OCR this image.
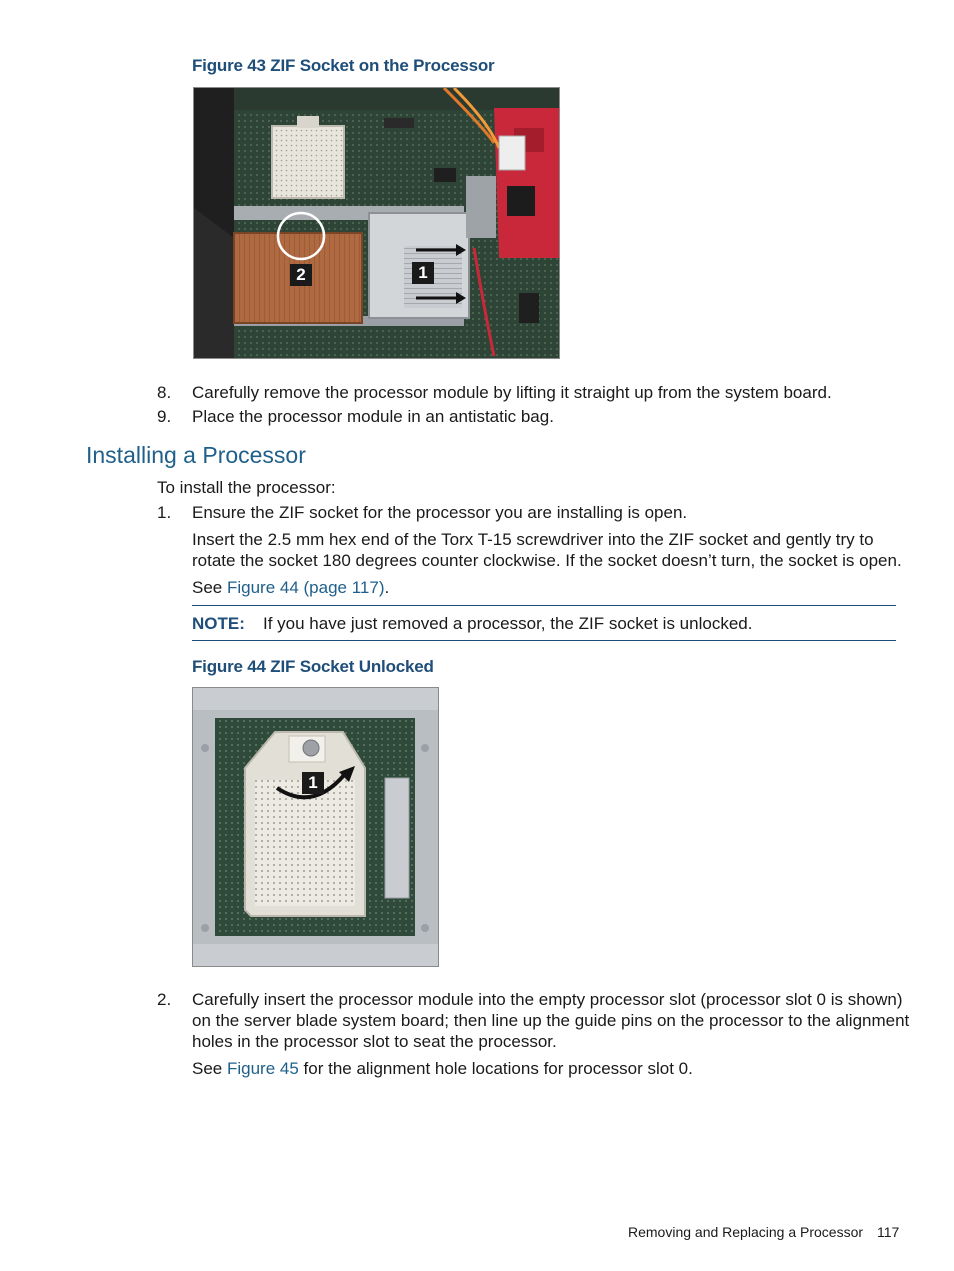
Figure 43 ZIF Socket on the Processor
2	1
8. Carefully remove the processor module by lifting it straight up from the system board.
9. Place the processor module in an antistatic bag.
Installing a Processor
To install the processor:
1. Ensure the ZIF socket for the processor you are installing is open.
Insert the 2.5 mm hex end of the Torx T-15 screwdriver into the ZIF socket and gently try to
rotate the socket 180 degrees counter clockwise. If the socket doesn’t turn, the socket is open.
See Figure 44 (page 117).
NOTE: If you have just removed a processor, the ZIF socket is unlocked.
Figure 44 ZIF Socket Unlocked
1
2. Carefully insert the processor module into the empty processor slot (processor slot 0 is shown)
on the server blade system board; then line up the guide pins on the processor to the alignment
holes in the processor slot to seat the processor.
See Figure 45 for the alignment hole locations for processor slot 0.
Removing and Replacing a Processor 117
